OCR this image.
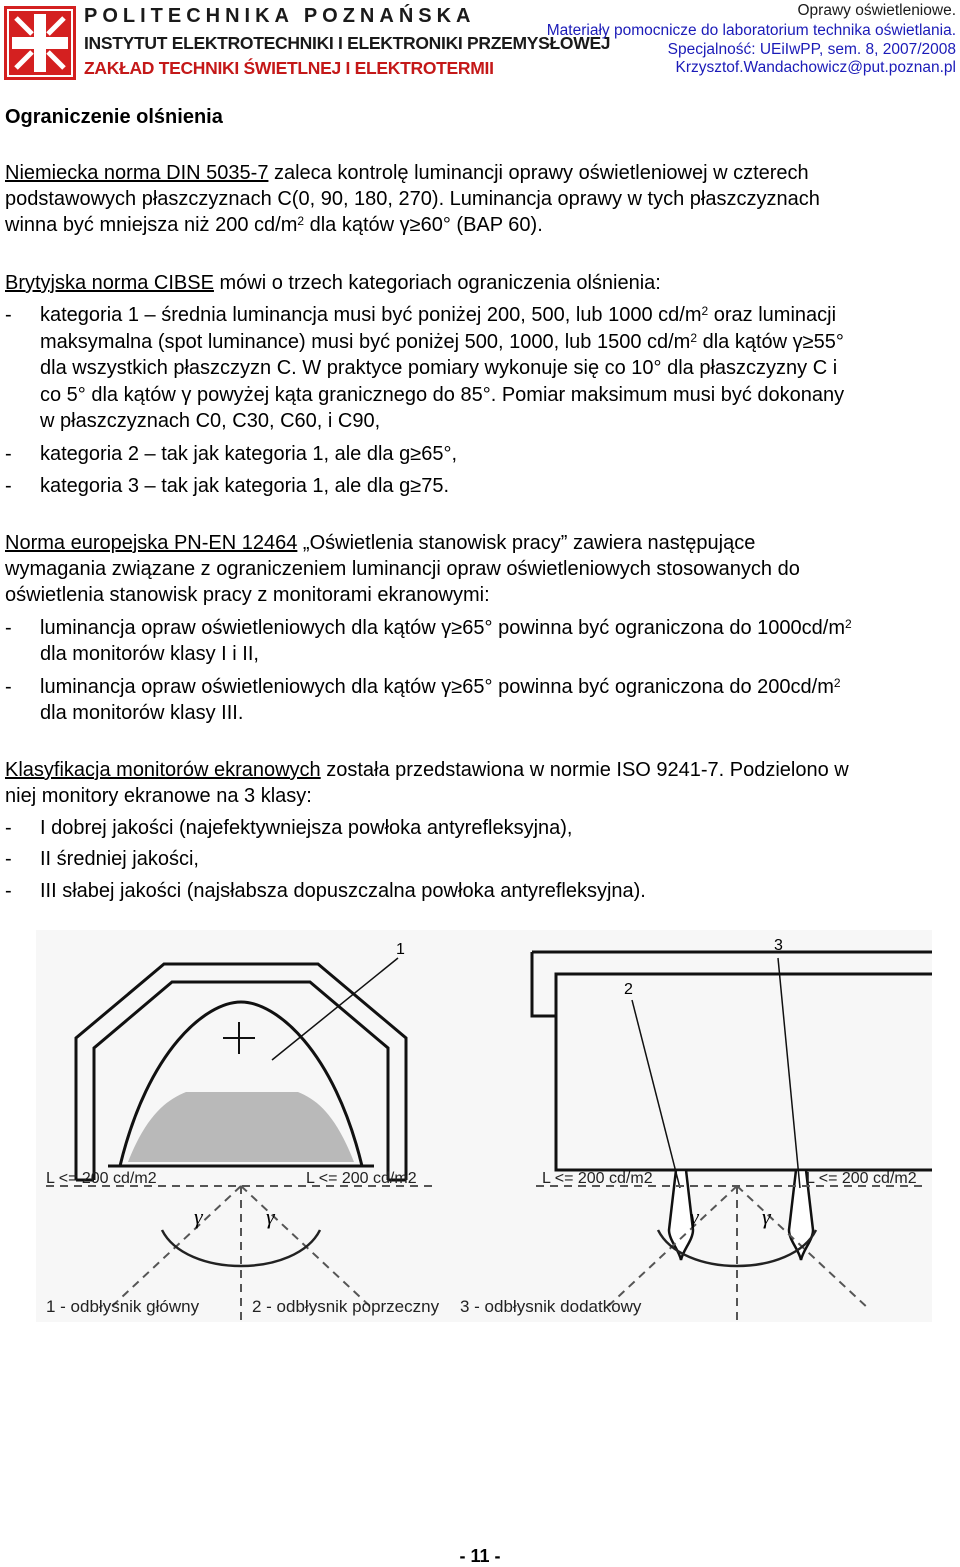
POLITECHNIKA POZNAŃSKA
INSTYTUT ELEKTROTECHNIKI I ELEKTRONIKI PRZEMYSŁOWEJ
ZAKŁAD TECHNIKI ŚWIETLNEJ I ELEKTROTERMII
Oprawy oświetleniowe.
Materiały pomocnicze do laboratorium technika oświetlania.
Specjalność: UEiIwPP, sem. 8, 2007/2008
Krzysztof.Wandachowicz@put.poznan.pl
Ograniczenie olśnienia
Niemiecka norma DIN 5035-7 zaleca kontrolę luminancji oprawy oświetleniowej w czterech
podstawowych płaszczyznach C(0, 90, 180, 270). Luminancja oprawy w tych płaszczyznach
winna być mniejsza niż 200 $cd/m^2$ dla kątów γ≥60° (BAP 60).
Brytyjska norma CIBSE mówi o trzech kategoriach ograniczenia olśnienia:
- kategoria 1 – średnia luminancja musi być poniżej 200, 500, lub 1000 $cd/m^2$ oraz luminacji
maksymalna (spot luminance) musi być poniżej 500, 1000, lub 1500 $cd/m^2$ dla kątów γ≥55°
dla wszystkich płaszczyzn C. W praktyce pomiary wykonuje się co 10° dla płaszczyzny C i
co 5° dla kątów γ powyżej kąta granicznego do 85°. Pomiar maksimum musi być dokonany
w płaszczyznach C0, C30, C60, i C90,
- kategoria 2 – tak jak kategoria 1, ale dla g≥65°,
- kategoria 3 – tak jak kategoria 1, ale dla g≥75.
Norma europejska PN-EN 12464 „Oświetlenia stanowisk pracy” zawiera następujące
wymagania związane z ograniczeniem luminancji opraw oświetleniowych stosowanych do
oświetlenia stanowisk pracy z monitorami ekranowymi:
- luminancja opraw oświetleniowych dla kątów γ≥65° powinna być ograniczona do $1000cd/m^2$
dla monitorów klasy I i II,
- luminancja opraw oświetleniowych dla kątów γ≥65° powinna być ograniczona do $200cd/m^2$
dla monitorów klasy III.
Klasyfikacja monitorów ekranowych została przedstawiona w normie ISO 9241-7. Podzielono w
niej monitory ekranowe na 3 klasy:
- I dobrej jakości (najefektywniejsza powłoka antyrefleksyjna),
- II średniej jakości,
- III słabej jakości (najsłabsza dopuszczalna powłoka antyrefleksyjna).
1
2
3
L <= 200 cd/m2	L <= 200 cd/m2	L <= 200 cd/m2	L <= 200 cd/m2
γ	γ	γ	γ
1 - odbłysnik główny	2 - odbłysnik poprzeczny 3 - odbłysnik dodatkowy
- 11 -
